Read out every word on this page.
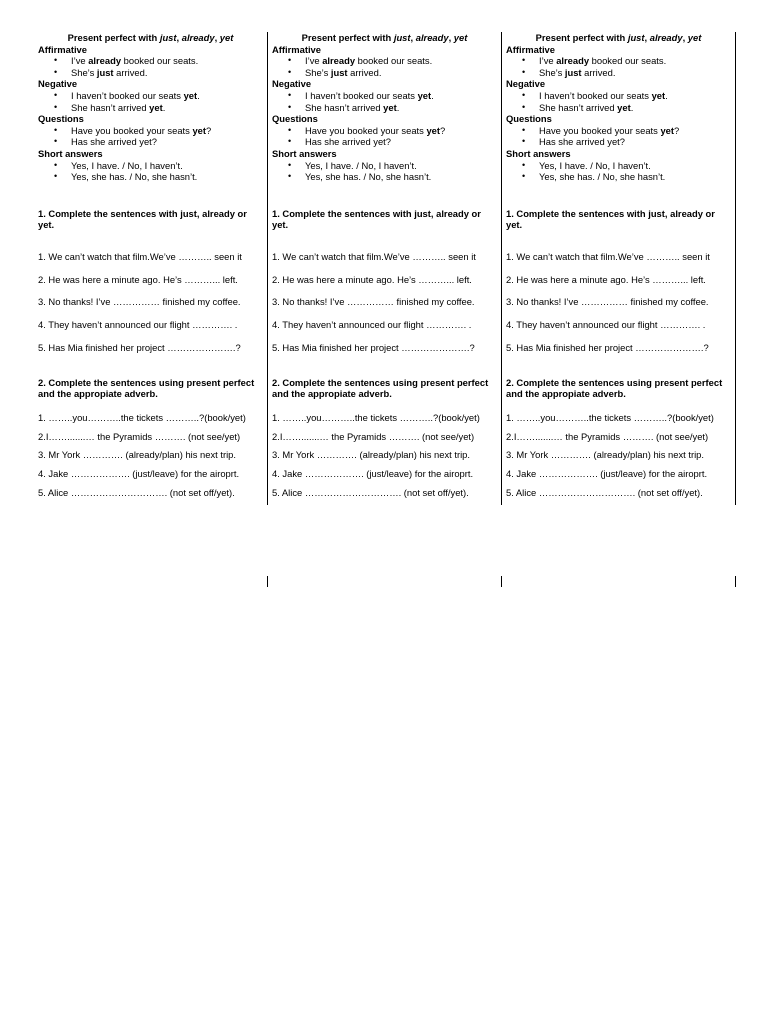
Present perfect with just, already, yet

Affirmative

• I’ve already booked our seats.
• She’s just arrived.

Negative

• I haven’t booked our seats yet.
• She hasn’t arrived yet.

Questions

• Have you booked your seats yet?
• Has she arrived yet?

Short answers

• Yes, I have. / No, I haven’t.
• Yes, she has. / No, she hasn’t.
1. Complete the sentences with just, already or yet.
1. We can’t watch that film.We’ve ……….. seen it
2. He was here a minute ago. He’s ………... left.
3. No thanks! I’ve …………… finished my coffee.
4. They haven’t announced our flight …………. .
5. Has Mia finished her project ………………….?
2. Complete the sentences using present perfect and the appropiate adverb.
1. ……..you………..the tickets ………..?(book/yet)
2.I…….......… the Pyramids ………. (not see/yet)
3. Mr York …………. (already/plan) his next trip.
4. Jake ………………. (just/leave) for the airoprt.
5. Alice …………………………. (not set off/yet).

Present perfect with just, already, yet

Affirmative

• I’ve already booked our seats.
• She’s just arrived.

Negative

• I haven’t booked our seats yet.
• She hasn’t arrived yet.

Questions

• Have you booked your seats yet?
• Has she arrived yet?

Short answers

• Yes, I have. / No, I haven’t.
• Yes, she has. / No, she hasn’t.
1. Complete the sentences with just, already or yet.
1. We can’t watch that film.We’ve ……….. seen it
2. He was here a minute ago. He’s ………... left.
3. No thanks! I’ve …………… finished my coffee.
4. They haven’t announced our flight …………. .
5. Has Mia finished her project ………………….?
2. Complete the sentences using present perfect and the appropiate adverb.
1. ……..you………..the tickets ………..?(book/yet)
2.I…….......… the Pyramids ………. (not see/yet)
3. Mr York …………. (already/plan) his next trip.
4. Jake ………………. (just/leave) for the airoprt.
5. Alice …………………………. (not set off/yet).

Present perfect with just, already, yet

Affirmative

• I’ve already booked our seats.
• She’s just arrived.

Negative

• I haven’t booked our seats yet.
• She hasn’t arrived yet.

Questions

• Have you booked your seats yet?
• Has she arrived yet?

Short answers

• Yes, I have. / No, I haven’t.
• Yes, she has. / No, she hasn’t.
1. Complete the sentences with just, already or yet.
1. We can’t watch that film.We’ve ……….. seen it
2. He was here a minute ago. He’s ………... left.
3. No thanks! I’ve …………… finished my coffee.
4. They haven’t announced our flight …………. .
5. Has Mia finished her project ………………….?
2. Complete the sentences using present perfect and the appropiate adverb.
1. ……..you………..the tickets ………..?(book/yet)
2.I…….......… the Pyramids ………. (not see/yet)
3. Mr York …………. (already/plan) his next trip.
4. Jake ………………. (just/leave) for the airoprt.
5. Alice …………………………. (not set off/yet).
